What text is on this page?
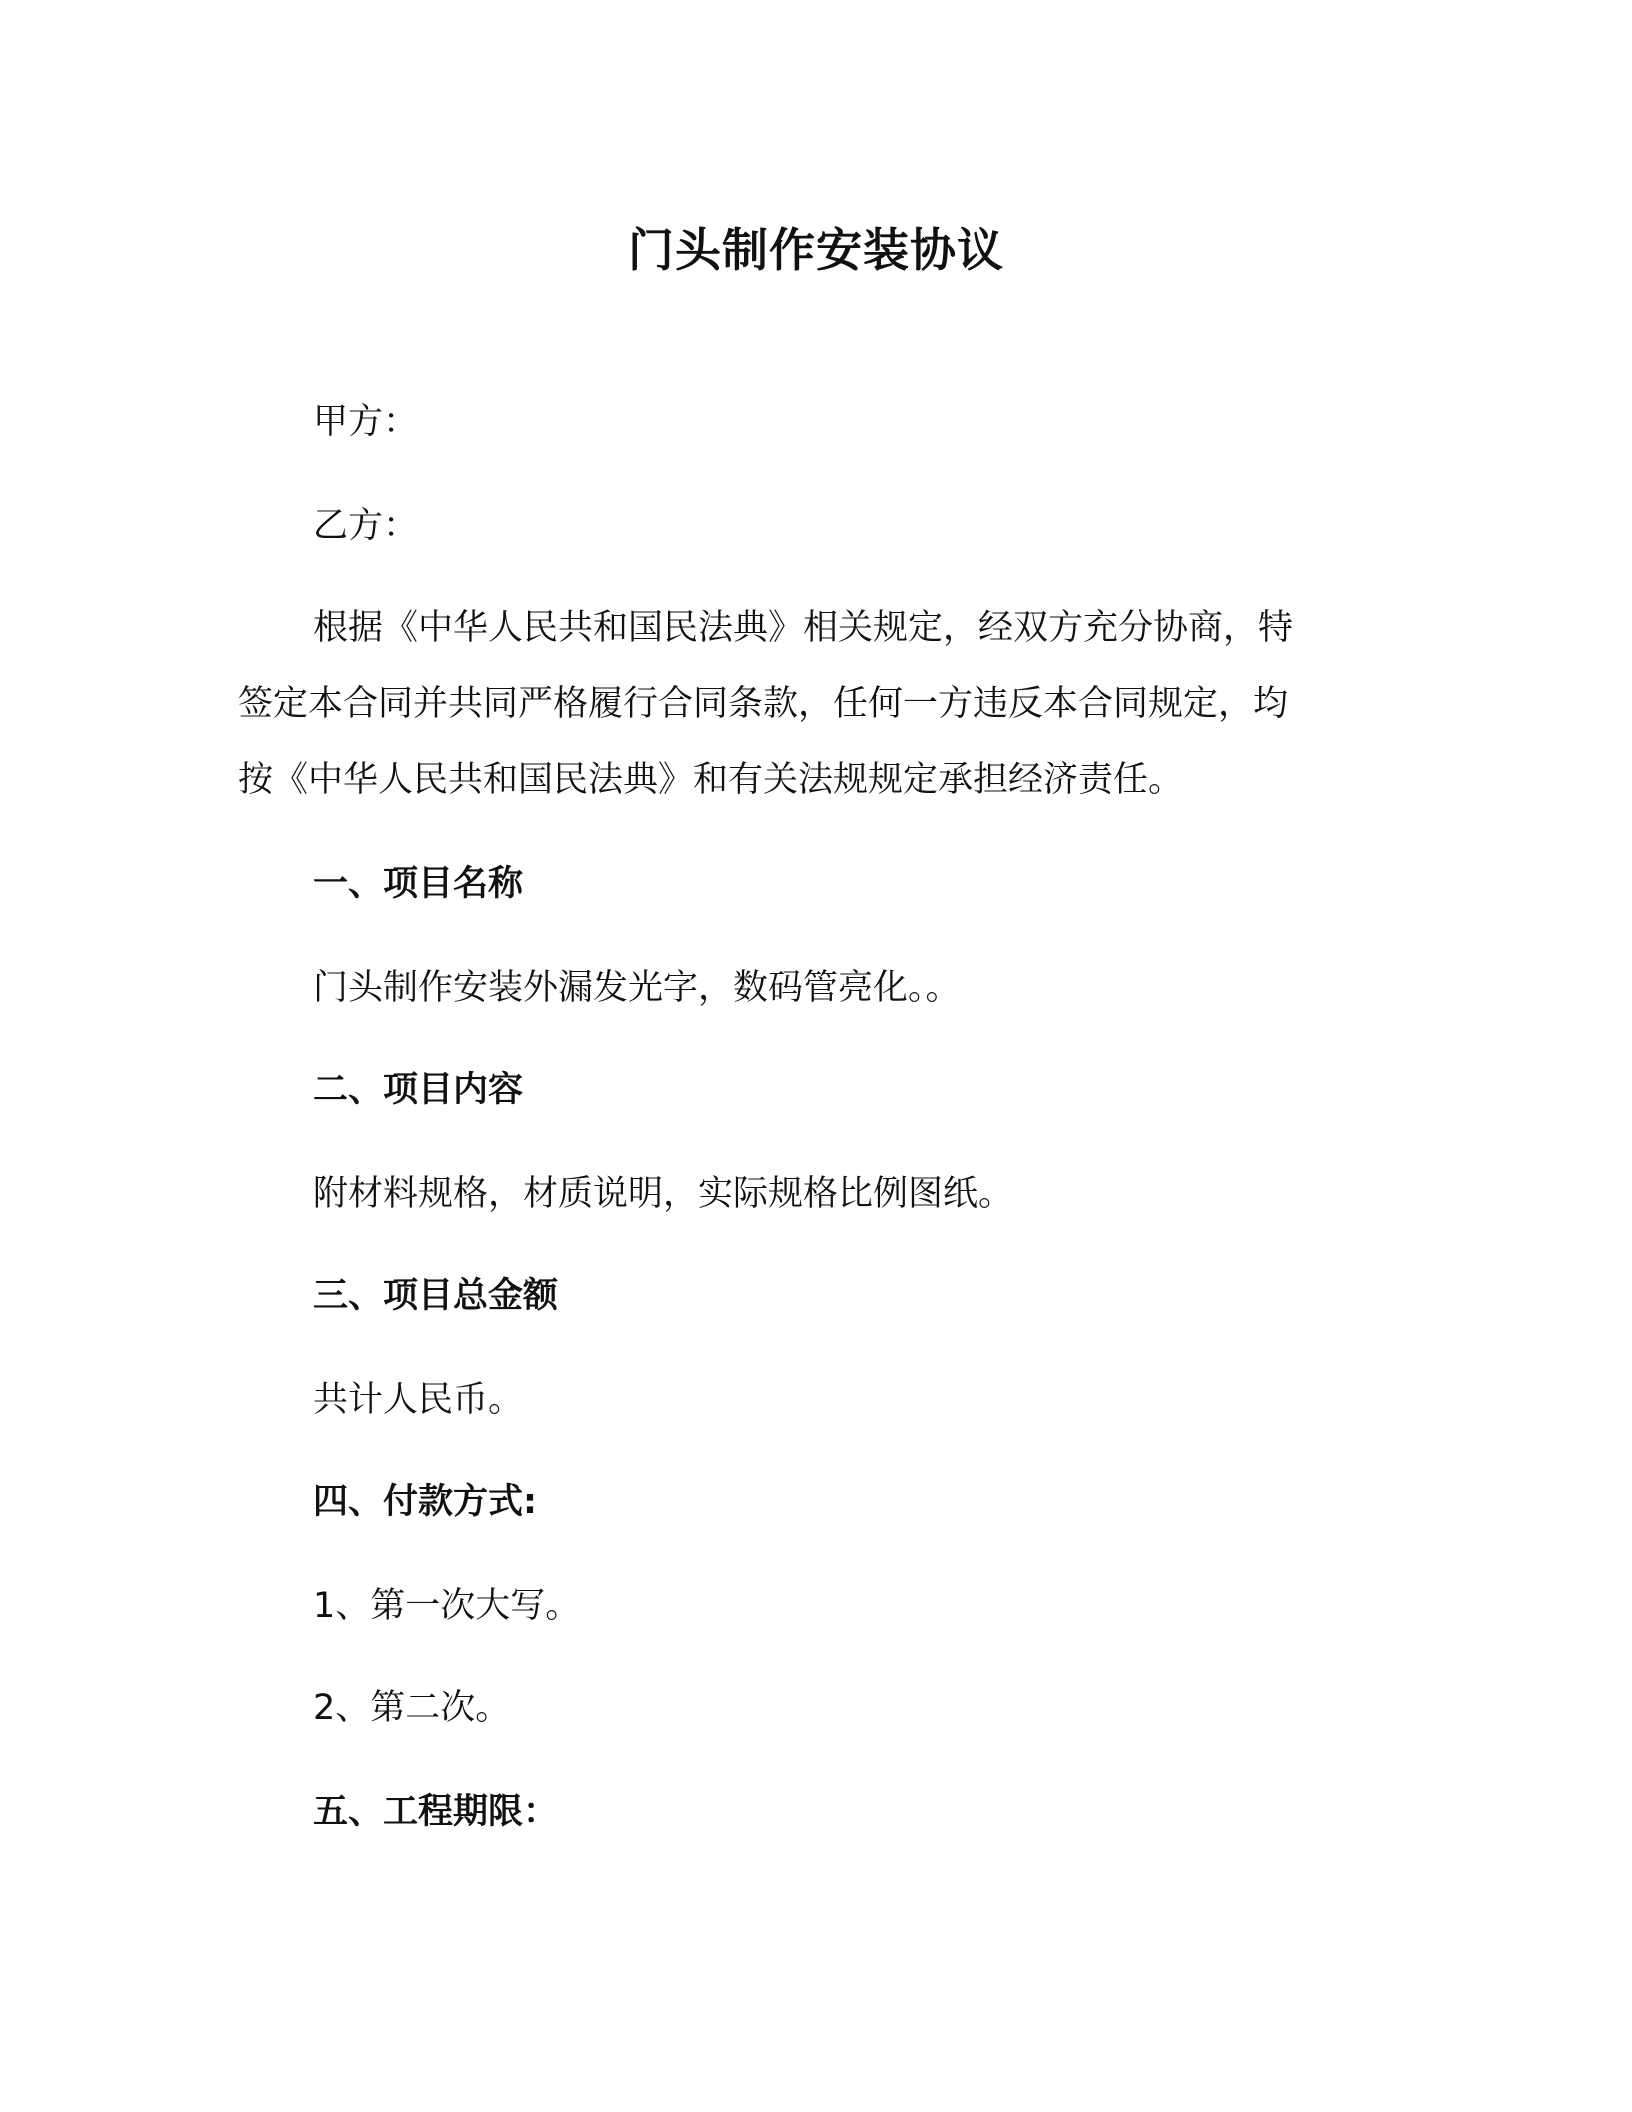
门头制作安装协议
甲方：
乙方：
根据《中华人民共和国民法典》相关规定，经双方充分协商，特
签定本合同并共同严格履行合同条款，任何一方违反本合同规定，均
按《中华人民共和国民法典》和有关法规规定承担经济责任。
一、项目名称
门头制作安装外漏发光字，数码管亮化。。
二、项目内容
附材料规格，材质说明，实际规格比例图纸。
三、项目总金额
共计人民币。
四、付款方式:
1、第一次大写。
2、第二次。
五、工程期限：
